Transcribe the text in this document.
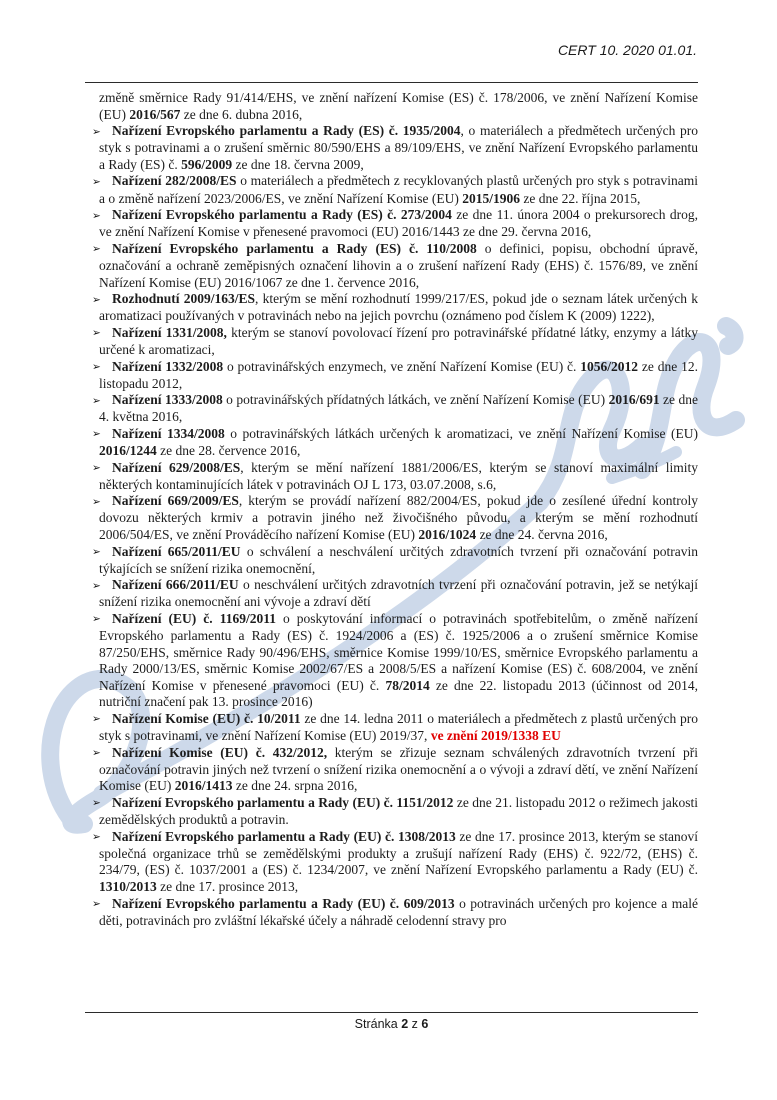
CERT 10. 2020 01.01.

změně směrnice Rady 91/414/EHS, ve znění nařízení Komise (ES) č. 178/2006, ve znění Nařízení Komise (EU) 2016/567 ze dne 6. dubna 2016,

➢ Nařízení Evropského parlamentu a Rady (ES) č. 1935/2004, o materiálech a předmětech určených pro styk s potravinami a o zrušení směrnic 80/590/EHS a 89/109/EHS, ve znění Nařízení Evropského parlamentu a Rady (ES) č. 596/2009 ze dne 18. června 2009,
➢ Nařízení 282/2008/ES o materiálech a předmětech z recyklovaných plastů určených pro styk s potravinami a o změně nařízení 2023/2006/ES, ve znění Nařízení Komise (EU) 2015/1906 ze dne 22. října 2015,
➢ Nařízení Evropského parlamentu a Rady (ES) č. 273/2004 ze dne 11. února 2004 o prekursorech drog, ve znění Nařízení Komise v přenesené pravomoci (EU) 2016/1443 ze dne 29. června 2016,
➢ Nařízení Evropského parlamentu a Rady (ES) č. 110/2008 o definici, popisu, obchodní úpravě, označování a ochraně zeměpisných označení lihovin a o zrušení nařízení Rady (EHS) č. 1576/89, ve znění Nařízení Komise (EU) 2016/1067 ze dne 1. července 2016,
➢ Rozhodnutí 2009/163/ES, kterým se mění rozhodnutí 1999/217/ES, pokud jde o seznam látek určených k aromatizaci používaných v potravinách nebo na jejich povrchu (oznámeno pod číslem K (2009) 1222),
➢ Nařízení 1331/2008, kterým se stanoví povolovací řízení pro potravinářské přídatné látky, enzymy a látky určené k aromatizaci,
➢ Nařízení 1332/2008 o potravinářských enzymech, ve znění Nařízení Komise (EU) č. 1056/2012 ze dne 12. listopadu 2012,
➢ Nařízení 1333/2008 o potravinářských přídatných látkách, ve znění Nařízení Komise (EU) 2016/691 ze dne 4. května 2016,
➢ Nařízení 1334/2008 o potravinářských látkách určených k aromatizaci, ve znění Nařízení Komise (EU) 2016/1244 ze dne 28. července 2016,
➢ Nařízení 629/2008/ES, kterým se mění nařízení 1881/2006/ES, kterým se stanoví maximální limity některých kontaminujících látek v potravinách OJ L 173, 03.07.2008, s.6,
➢ Nařízení 669/2009/ES, kterým se provádí nařízení 882/2004/ES, pokud jde o zesílené úřední kontroly dovozu některých krmiv a potravin jiného než živočišného původu, a kterým se mění rozhodnutí 2006/504/ES, ve znění Prováděcího nařízení Komise (EU) 2016/1024 ze dne 24. června 2016,
➢ Nařízení 665/2011/EU o schválení a neschválení určitých zdravotních tvrzení při označování potravin týkajících se snížení rizika onemocnění,
➢ Nařízení 666/2011/EU o neschválení určitých zdravotních tvrzení při označování potravin, jež se netýkají snížení rizika onemocnění ani vývoje a zdraví dětí
➢ Nařízení (EU) č. 1169/2011 o poskytování informací o potravinách spotřebitelům, o změně nařízení Evropského parlamentu a Rady (ES) č. 1924/2006 a (ES) č. 1925/2006 a o zrušení směrnice Komise 87/250/EHS, směrnice Rady 90/496/EHS, směrnice Komise 1999/10/ES, směrnice Evropského parlamentu a Rady 2000/13/ES, směrnic Komise 2002/67/ES a 2008/5/ES a nařízení Komise (ES) č. 608/2004, ve znění Nařízení Komise v přenesené pravomoci (EU) č. 78/2014 ze dne 22. listopadu 2013 (účinnost od 2014, nutriční značení pak 13. prosince 2016)
➢ Nařízení Komise (EU) č. 10/2011 ze dne 14. ledna 2011 o materiálech a předmětech z plastů určených pro styk s potravinami, ve znění Nařízení Komise (EU) 2019/37, ve znění 2019/1338 EU
➢ Nařízení Komise (EU) č. 432/2012, kterým se zřizuje seznam schválených zdravotních tvrzení při označování potravin jiných než tvrzení o snížení rizika onemocnění a o vývoji a zdraví dětí, ve znění Nařízení Komise (EU) 2016/1413 ze dne 24. srpna 2016,
➢ Nařízení Evropského parlamentu a Rady (EU) č. 1151/2012 ze dne 21. listopadu 2012 o režimech jakosti zemědělských produktů a potravin.
➢ Nařízení Evropského parlamentu a Rady (EU) č. 1308/2013 ze dne 17. prosince 2013, kterým se stanoví společná organizace trhů se zemědělskými produkty a zrušují nařízení Rady (EHS) č. 922/72, (EHS) č. 234/79, (ES) č. 1037/2001 a (ES) č. 1234/2007, ve znění Nařízení Evropského parlamentu a Rady (EU) č. 1310/2013 ze dne 17. prosince 2013,
➢ Nařízení Evropského parlamentu a Rady (EU) č. 609/2013 o potravinách určených pro kojence a malé děti, potravinách pro zvláštní lékařské účely a náhradě celodenní stravy pro
Stránka 2 z 6
